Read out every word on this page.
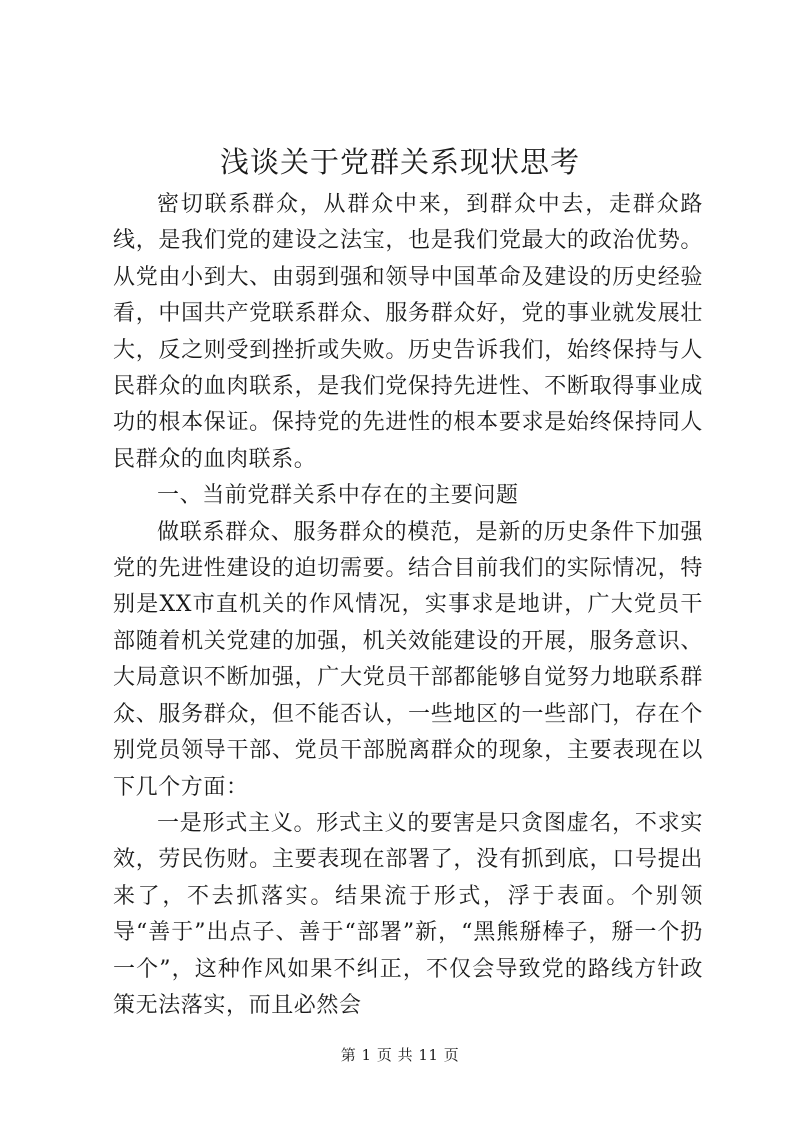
浅谈关于党群关系现状思考

密切联系群众，从群众中来，到群众中去，走群众路线，是我们党的建设之法宝，也是我们党最大的政治优势。从党由小到大、由弱到强和领导中国革命及建设的历史经验看，中国共产党联系群众、服务群众好，党的事业就发展壮大，反之则受到挫折或失败。历史告诉我们，始终保持与人民群众的血肉联系，是我们党保持先进性、不断取得事业成功的根本保证。保持党的先进性的根本要求是始终保持同人民群众的血肉联系。

一、当前党群关系中存在的主要问题

做联系群众、服务群众的模范，是新的历史条件下加强党的先进性建设的迫切需要。结合目前我们的实际情况，特别是XX市直机关的作风情况，实事求是地讲，广大党员干部随着机关党建的加强，机关效能建设的开展，服务意识、大局意识不断加强，广大党员干部都能够自觉努力地联系群众、服务群众，但不能否认，一些地区的一些部门，存在个别党员领导干部、党员干部脱离群众的现象，主要表现在以下几个方面：

一是形式主义。形式主义的要害是只贪图虚名，不求实效，劳民伤财。主要表现在部署了，没有抓到底，口号提出来了，不去抓落实。结果流于形式，浮于表面。个别领导“善于”出点子、善于“部署”新，“黑熊掰棒子，掰一个扔一个”，这种作风如果不纠正，不仅会导致党的路线方针政策无法落实，而且必然会

第 1 页 共 11 页
